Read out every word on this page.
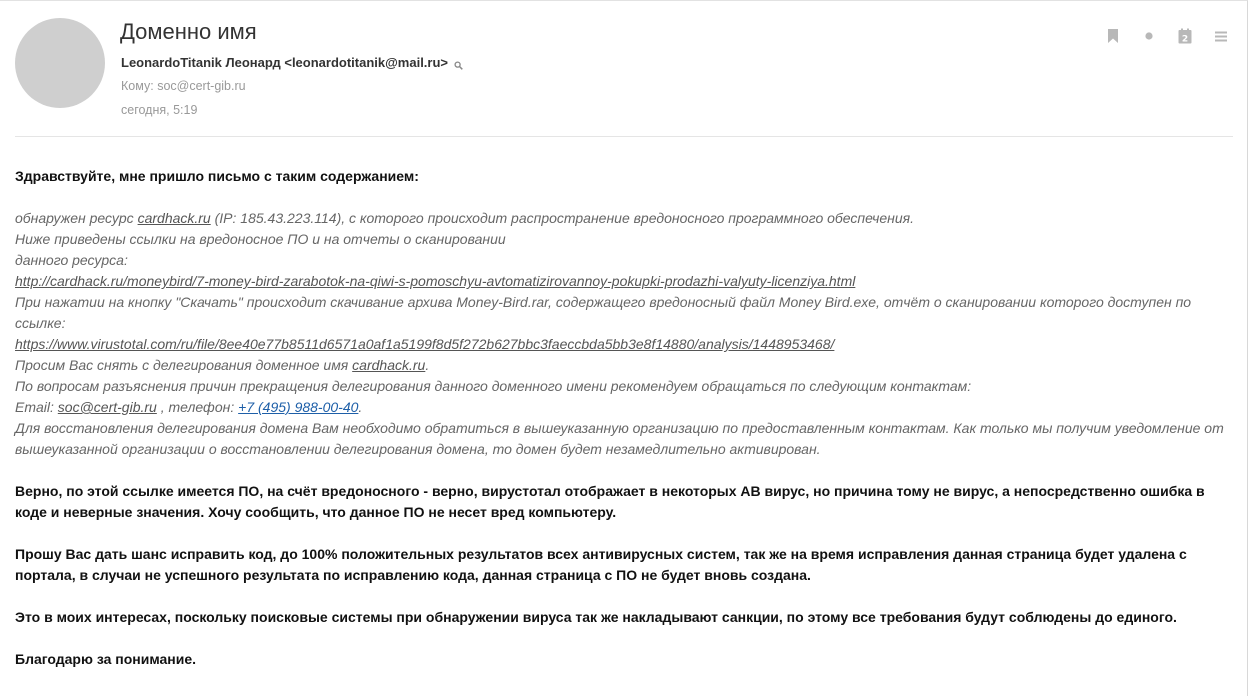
Доменно имя
LeonardoTitanik Леонард <leonardotitanik@mail.ru>
Кому: soc@cert-gib.ru
сегодня, 5:19
2

Здравствуйте, мне пришло письмо с таким содержанием:

обнаружен ресурс cardhack.ru (IP: 185.43.223.114), с которого происходит распространение вредоносного программного обеспечения.

Ниже приведены ссылки на вредоносное ПО и на отчеты о сканировании

данного ресурса:

http://cardhack.ru/moneybird/7-money-bird-zarabotok-na-qiwi-s-pomoschyu-avtomatizirovannoy-pokupki-prodazhi-valyuty-licenziya.html

При нажатии на кнопку "Скачать" происходит скачивание архива Money-Bird.rar, содержащего вредоносный файл Money Bird.exe, отчёт о сканировании которого доступен по ссылке:

https://www.virustotal.com/ru/file/8ee40e77b8511d6571a0af1a5199f8d5f272b627bbc3faeccbda5bb3e8f14880/analysis/1448953468/

Просим Вас снять с делегирования доменное имя cardhack.ru.

По вопросам разъяснения причин прекращения делегирования данного доменного имени рекомендуем обращаться по следующим контактам:

Email: soc@cert-gib.ru , телефон: +7 (495) 988-00-40.

Для восстановления делегирования домена Вам необходимо обратиться в вышеуказанную организацию по предоставленным контактам. Как только мы получим уведомление от вышеуказанной организации о восстановлении делегирования домена, то домен будет незамедлительно активирован.

Верно, по этой ссылке имеется ПО, на счёт вредоносного - верно, вирустотал отображает в некоторых АВ вирус, но причина тому не вирус, а непосредственно ошибка в коде и неверные значения. Хочу сообщить, что данное ПО не несет вред компьютеру.

Прошу Вас дать шанс исправить код, до 100% положительных результатов всех антивирусных систем, так же на время исправления данная страница будет удалена с портала, в случаи не успешного результата по исправлению кода, данная страница с ПО не будет вновь создана.

Это в моих интересах, поскольку поисковые системы при обнаружении вируса так же накладывают санкции, по этому все требования будут соблюдены до единого.

Благодарю за понимание.
